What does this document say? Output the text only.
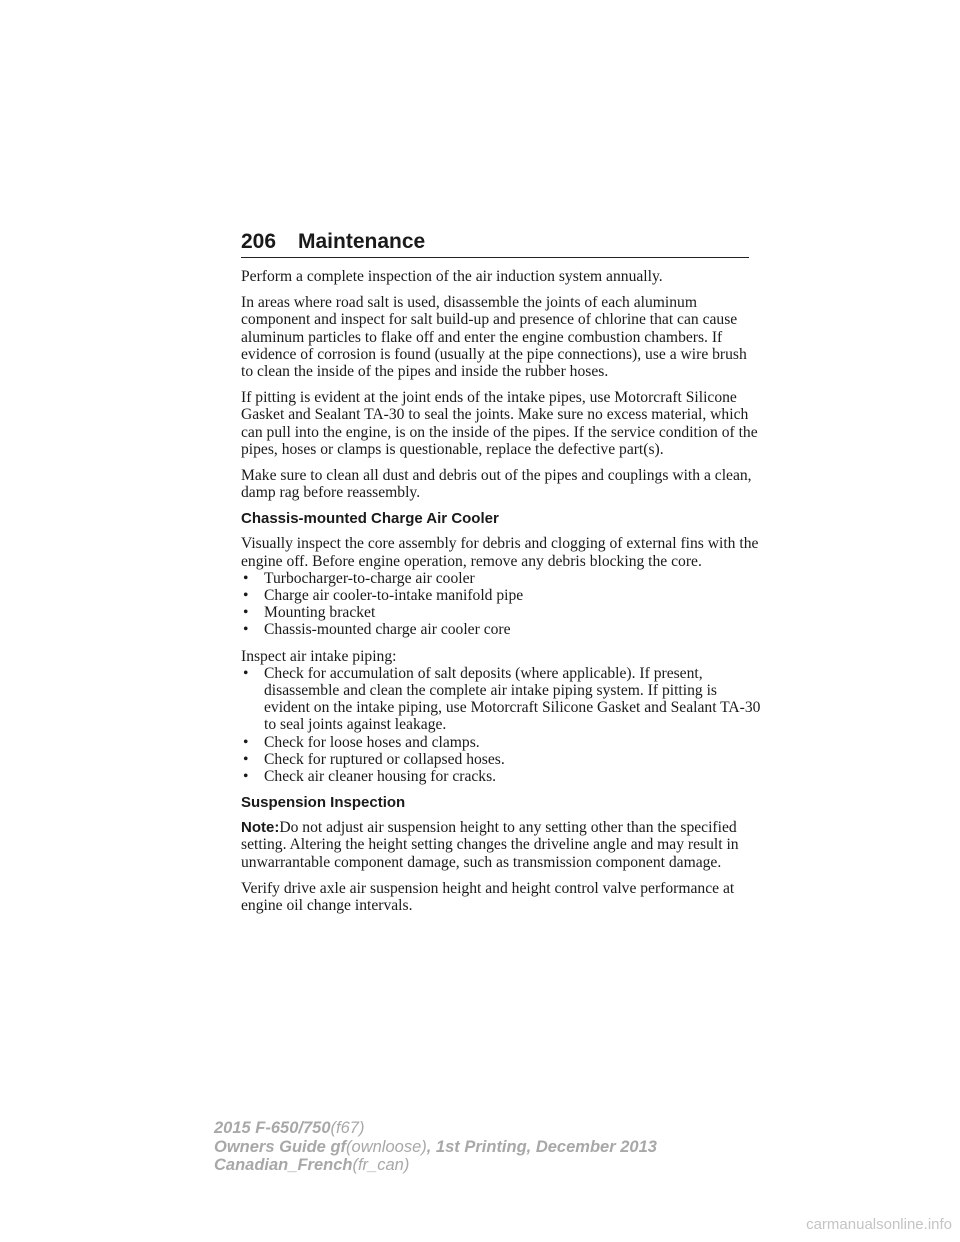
206 Maintenance

Perform a complete inspection of the air induction system annually.

In areas where road salt is used, disassemble the joints of each aluminum component and inspect for salt build-up and presence of chlorine that can cause aluminum particles to flake off and enter the engine combustion chambers. If evidence of corrosion is found (usually at the pipe connections), use a wire brush to clean the inside of the pipes and inside the rubber hoses.

If pitting is evident at the joint ends of the intake pipes, use Motorcraft Silicone Gasket and Sealant TA-30 to seal the joints. Make sure no excess material, which can pull into the engine, is on the inside of the pipes. If the service condition of the pipes, hoses or clamps is questionable, replace the defective part(s).

Make sure to clean all dust and debris out of the pipes and couplings with a clean, damp rag before reassembly.

Chassis-mounted Charge Air Cooler

Visually inspect the core assembly for debris and clogging of external fins with the engine off. Before engine operation, remove any debris blocking the core.

• Turbocharger-to-charge air cooler
• Charge air cooler-to-intake manifold pipe
• Mounting bracket
• Chassis-mounted charge air cooler core

Inspect air intake piping:

• Check for accumulation of salt deposits (where applicable). If present, disassemble and clean the complete air intake piping system. If pitting is evident on the intake piping, use Motorcraft Silicone Gasket and Sealant TA-30 to seal joints against leakage.
• Check for loose hoses and clamps.
• Check for ruptured or collapsed hoses.
• Check air cleaner housing for cracks.
Suspension Inspection

Note:Do not adjust air suspension height to any setting other than the specified setting. Altering the height setting changes the driveline angle and may result in unwarrantable component damage, such as transmission component damage.

Verify drive axle air suspension height and height control valve performance at engine oil change intervals.

2015 F-650/750(f67)
Owners Guide gf(ownloose), 1st Printing, December 2013
Canadian_French(fr_can)
carmanualsonline.info
